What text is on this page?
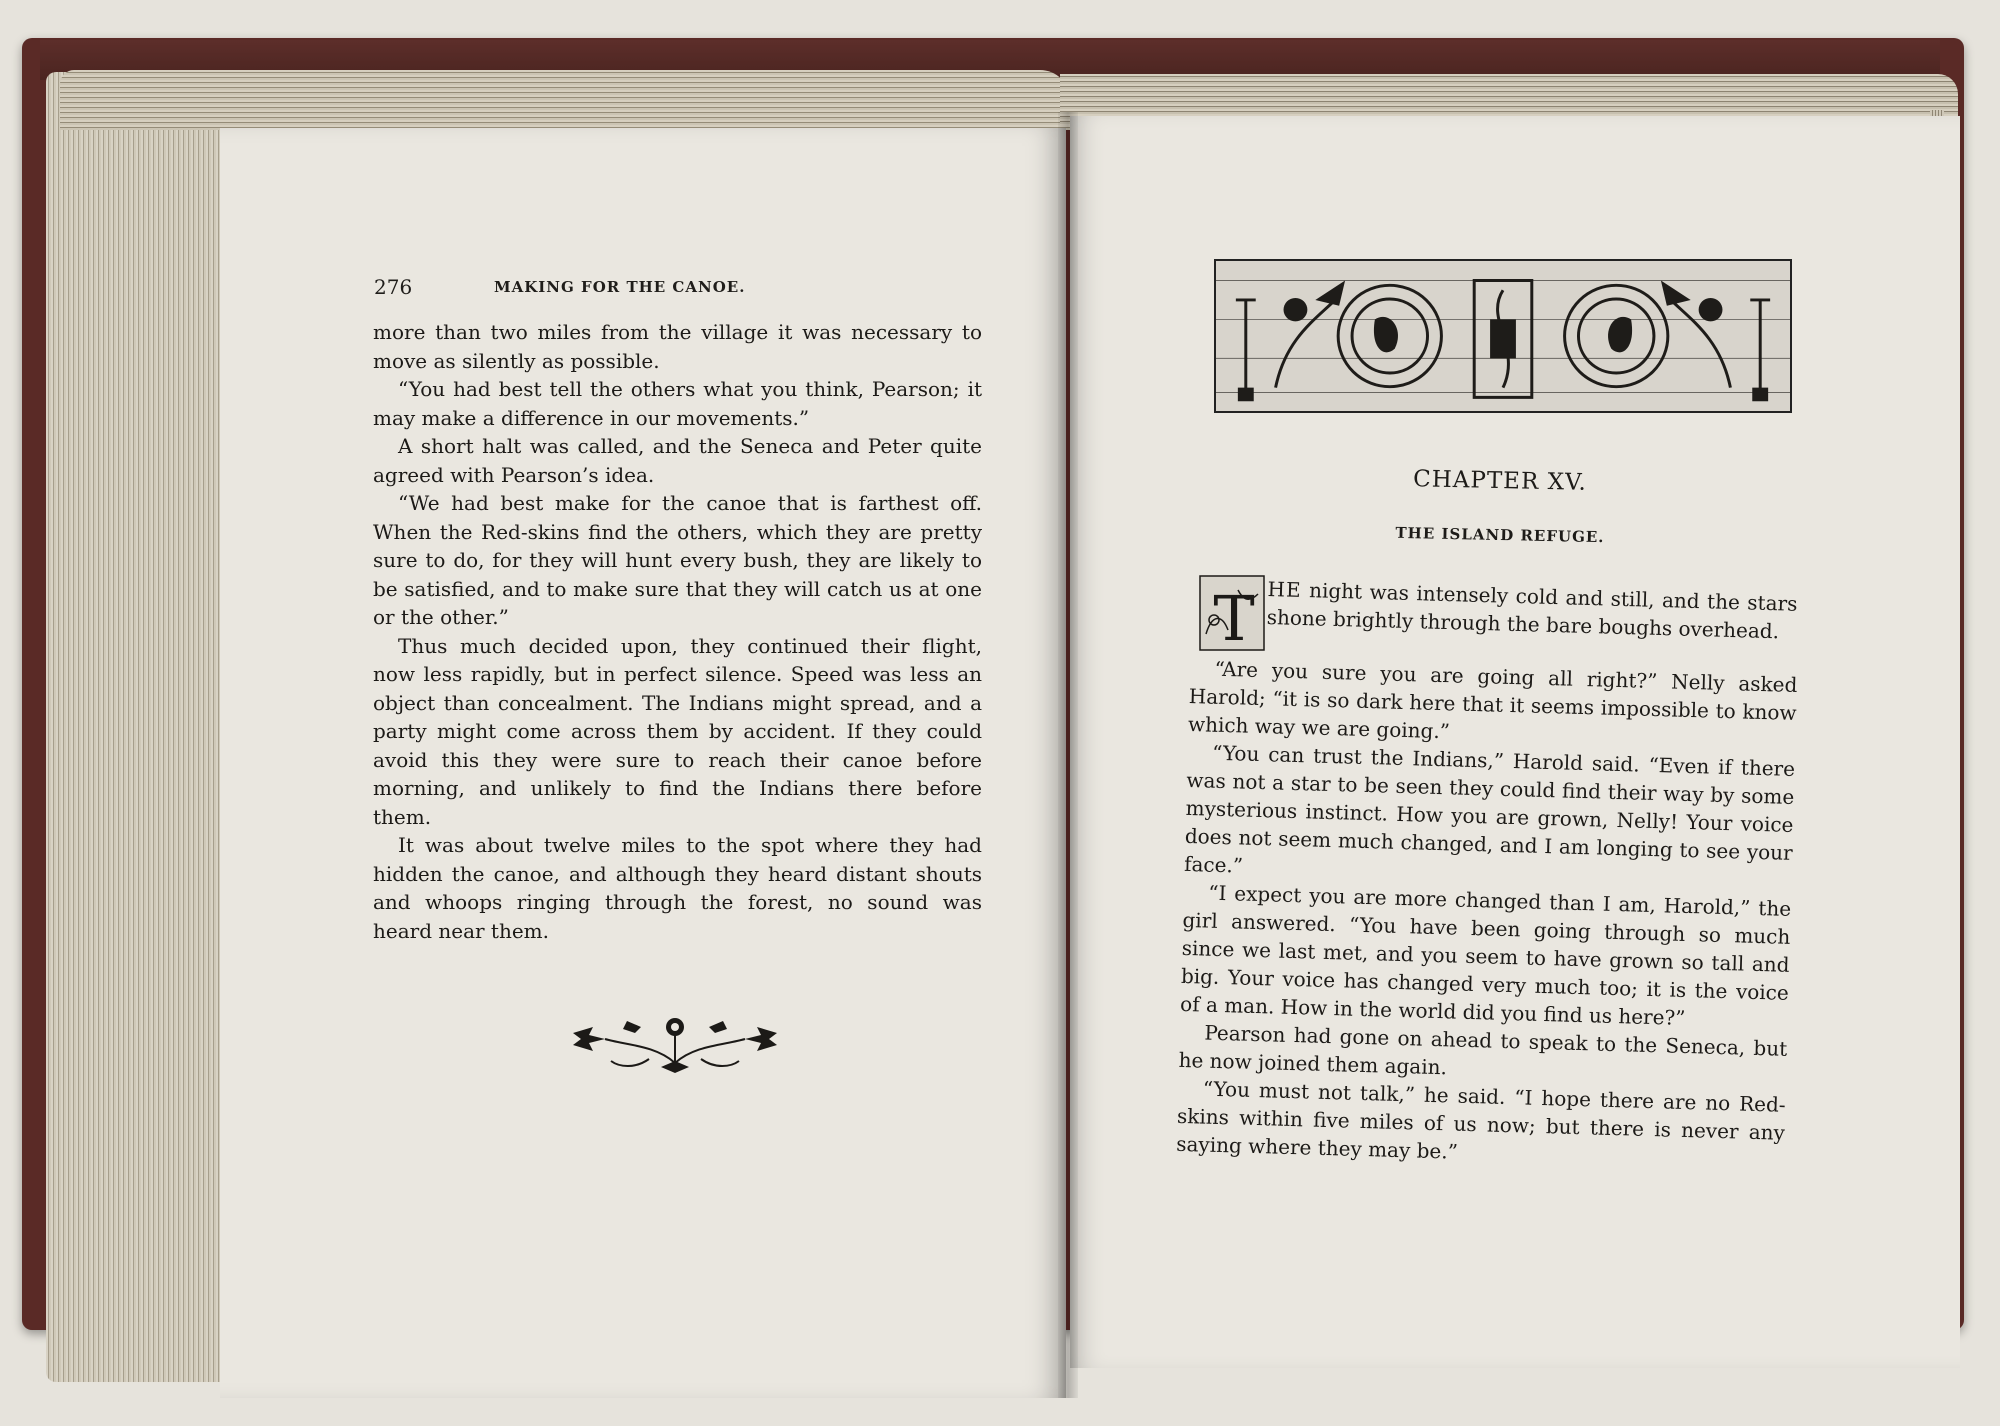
276	MAKING FOR THE CANOE.

more than two miles from the village it was necessary to move as silently as possible.

“You had best tell the others what you think, Pearson; it may make a difference in our movements.”

A short halt was called, and the Seneca and Peter quite agreed with Pearson’s idea.

“We had best make for the canoe that is farthest off. When the Red-skins find the others, which they are pretty sure to do, for they will hunt every bush, they are likely to be satisfied, and to make sure that they will catch us at one or the other.”

Thus much decided upon, they continued their flight, now less rapidly, but in perfect silence. Speed was less an object than concealment. The Indians might spread, and a party might come across them by accident. If they could avoid this they were sure to reach their canoe before morning, and unlikely to find the Indians there before them.

It was about twelve miles to the spot where they had hidden the canoe, and although they heard distant shouts and whoops ringing through the forest, no sound was heard near them.

CHAPTER XV.
THE ISLAND REFUGE.
T HE night was intensely cold and still, and the stars shone brightly through the bare boughs overhead.

“Are you sure you are going all right?” Nelly asked Harold; “it is so dark here that it seems impossible to know which way we are going.”

“You can trust the Indians,” Harold said. “Even if there was not a star to be seen they could find their way by some mysterious instinct. How you are grown, Nelly! Your voice does not seem much changed, and I am longing to see your face.”

“I expect you are more changed than I am, Harold,” the girl answered. “You have been going through so much since we last met, and you seem to have grown so tall and big. Your voice has changed very much too; it is the voice of a man. How in the world did you find us here?”

Pearson had gone on ahead to speak to the Seneca, but he now joined them again.

“You must not talk,” he said. “I hope there are no Red-skins within five miles of us now; but there is never any saying where they may be.”
